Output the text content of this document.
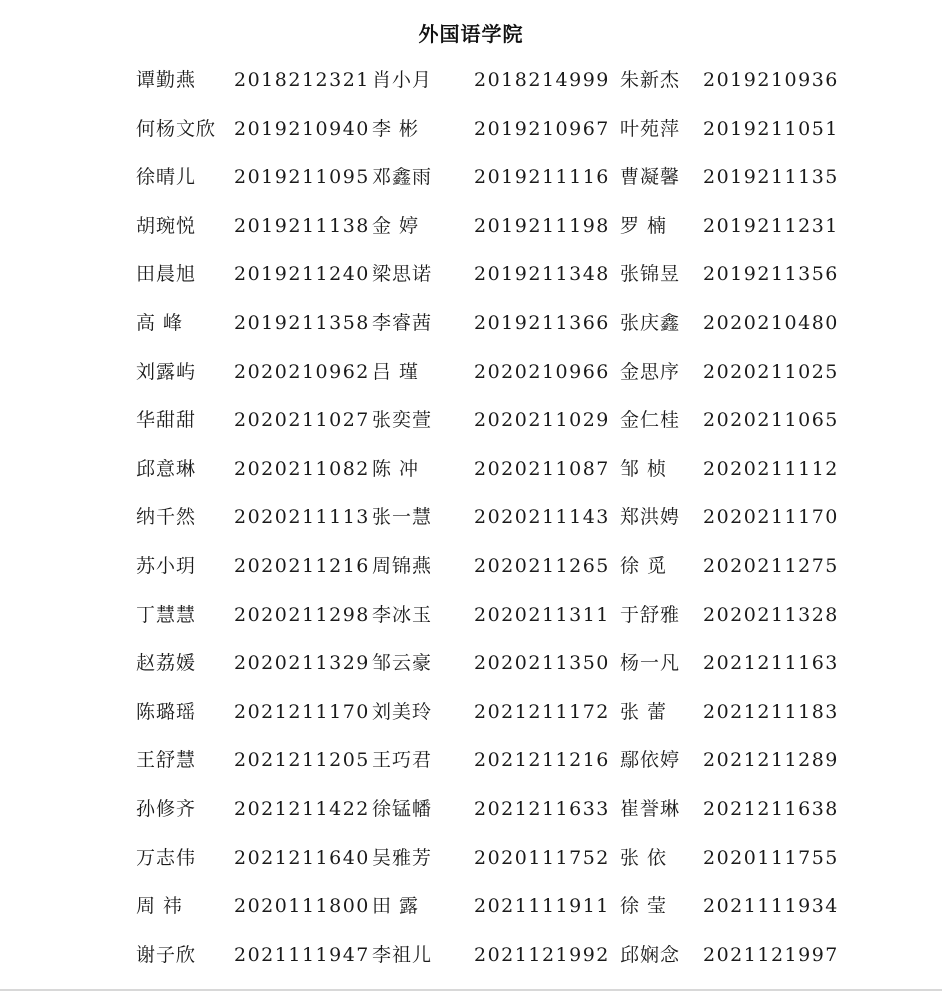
外国语学院
谭勤燕	2018212321 肖小月	2018214999 朱新杰	2019210936
何杨文欣 2019210940 李 彬	2019210967 叶苑萍	2019211051
徐晴儿	2019211095 邓鑫雨	2019211116 曹凝馨	2019211135
胡琬悦	2019211138 金 婷	2019211198 罗 楠	2019211231
田晨旭	2019211240 梁思诺	2019211348 张锦昱	2019211356
高 峰	2019211358 李睿茜	2019211366 张庆鑫	2020210480
刘露屿	2020210962 吕 瑾	2020210966 金思序	2020211025
华甜甜	2020211027 张奕萱	2020211029 金仁桂	2020211065
邱意琳	2020211082 陈 冲	2020211087 邹 桢	2020211112
纳千然	2020211113 张一慧	2020211143 郑洪娉	2020211170
苏小玥	2020211216 周锦燕	2020211265 徐 觅	2020211275
丁慧慧	2020211298 李冰玉	2020211311 于舒雅	2020211328
赵荔媛	2020211329 邹云豪	2020211350 杨一凡	2021211163
陈璐瑶	2021211170 刘美玲	2021211172 张 蕾	2021211183
王舒慧	2021211205 王巧君	2021211216 鄢依婷	2021211289
孙修齐	2021211422 徐锰幡	2021211633 崔誉琳	2021211638
万志伟	2021211640 吴雅芳	2020111752 张 依	2020111755
周 祎	2020111800 田 露	2021111911 徐 莹	2021111934
谢子欣	2021111947 李祖儿	2021121992 邱娴念	2021121997
